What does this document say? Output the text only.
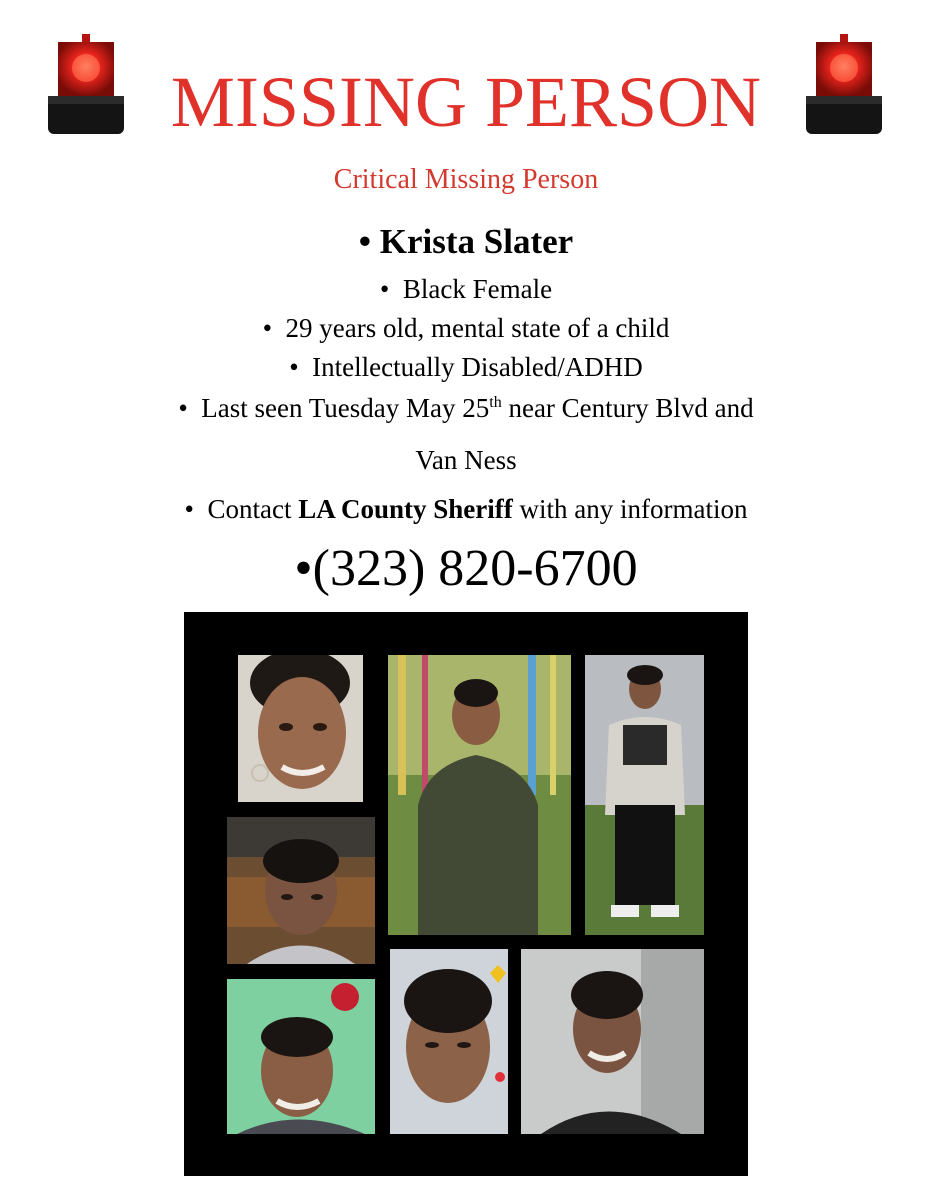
MISSING PERSON
Critical Missing Person
• Krista Slater
• Black Female
• 29 years old, mental state of a child
• Intellectually Disabled/ADHD
• Last seen Tuesday May 25th near Century Blvd and
Van Ness
• Contact LA County Sheriff with any information
•(323) 820-6700
